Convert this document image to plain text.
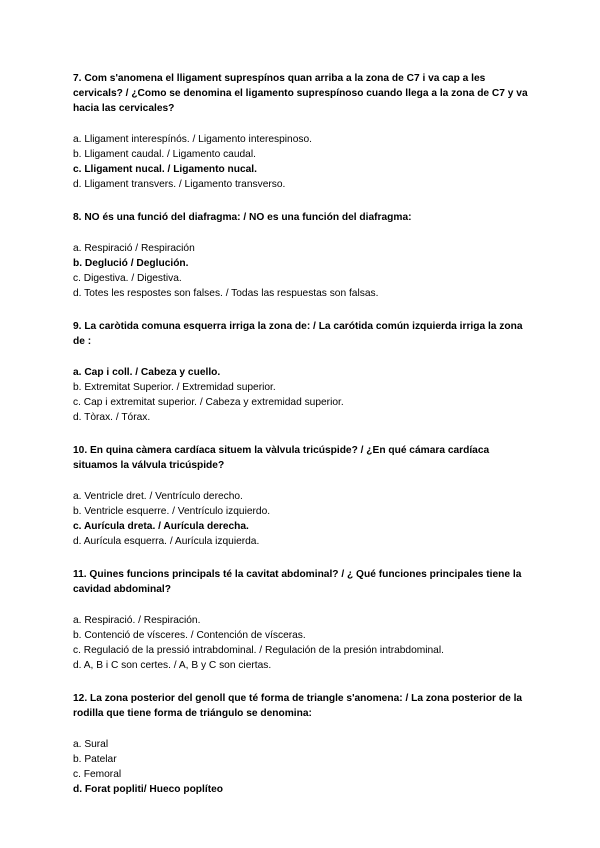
7. Com s'anomena el lligament suprespínos quan arriba a la zona de C7 i va cap a les cervicals? / ¿Como se denomina el ligamento suprespínoso cuando llega a la zona de C7 y va hacia las cervicales?
a. Lligament interespínós. / Ligamento interespinoso.
b. Lligament caudal. / Ligamento caudal.
c. Lligament nucal. / Ligamento nucal.
d. Lligament transvers. / Ligamento transverso.
8. NO és una funció del diafragma: / NO es una función del diafragma:
a. Respiració / Respiración
b. Deglució / Deglución.
c. Digestiva. / Digestiva.
d. Totes les respostes son falses. / Todas las respuestas son falsas.
9. La caròtida comuna esquerra irriga la zona de: / La carótida común izquierda irriga la zona de :
a. Cap i coll. / Cabeza y cuello.
b. Extremitat Superior. / Extremidad superior.
c. Cap i extremitat superior. / Cabeza y extremidad superior.
d. Tòrax. / Tórax.
10. En quina càmera cardíaca situem la vàlvula tricúspide? / ¿En qué cámara cardíaca situamos la válvula tricúspide?
a. Ventricle dret. / Ventrículo derecho.
b. Ventricle esquerre. / Ventrículo izquierdo.
c. Aurícula dreta. / Aurícula derecha.
d. Aurícula esquerra. / Aurícula izquierda.
11. Quines funcions principals té la cavitat abdominal? / ¿ Qué funciones principales tiene la cavidad abdominal?
a. Respiració. / Respiración.
b. Contenció de vísceres. / Contención de vísceras.
c. Regulació de la pressió intrabdominal. / Regulación de la presión intrabdominal.
d. A, B i C son certes. / A, B y C son ciertas.
12. La zona posterior del genoll que té forma de triangle s'anomena: / La zona posterior de la rodilla que tiene forma de triángulo se denomina:
a. Sural
b. Patelar
c. Femoral
d. Forat popliti/ Hueco poplíteo
